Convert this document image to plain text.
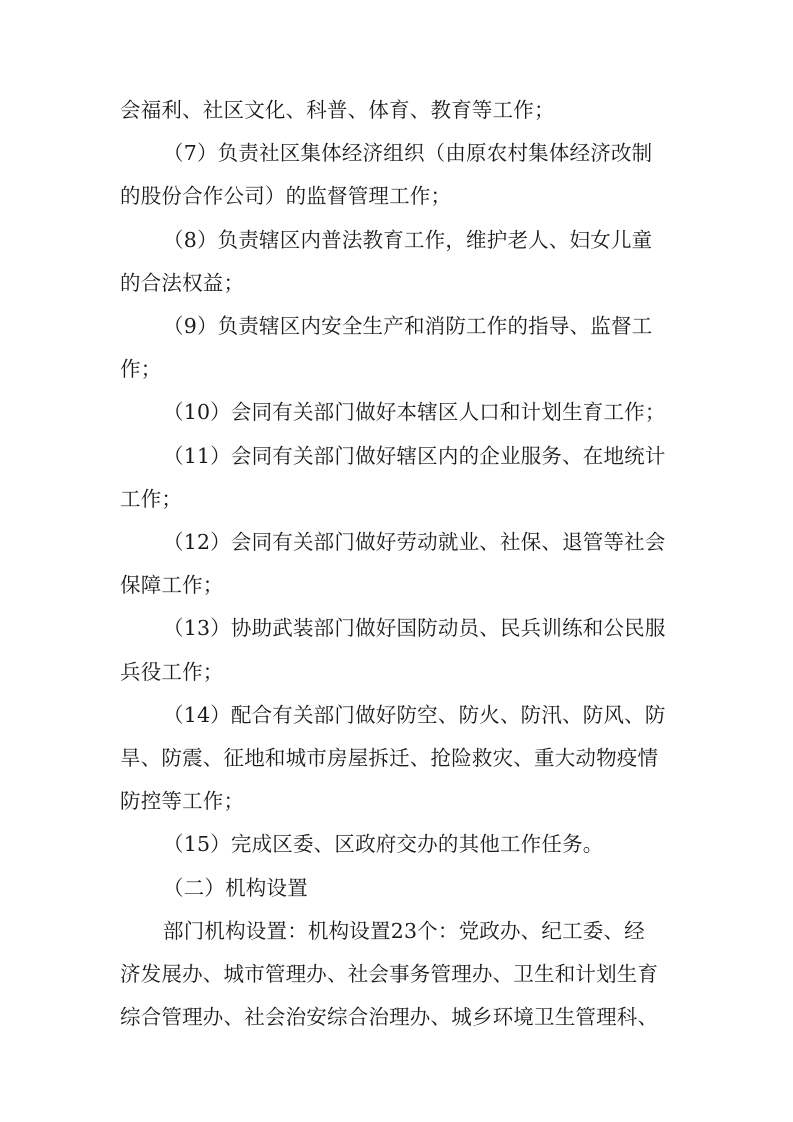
会福利、社区文化、科普、体育、教育等工作；
（7）负责社区集体经济组织（由原农村集体经济改制
的股份合作公司）的监督管理工作；
（8）负责辖区内普法教育工作，维护老人、妇女儿童
的合法权益；
（9）负责辖区内安全生产和消防工作的指导、监督工
作；
（10）会同有关部门做好本辖区人口和计划生育工作；
（11）会同有关部门做好辖区内的企业服务、在地统计
工作；
（12）会同有关部门做好劳动就业、社保、退管等社会
保障工作；
（13）协助武装部门做好国防动员、民兵训练和公民服
兵役工作；
（14）配合有关部门做好防空、防火、防汛、防风、防
旱、防震、征地和城市房屋拆迁、抢险救灾、重大动物疫情
防控等工作；
（15）完成区委、区政府交办的其他工作任务。
（二）机构设置
部门机构设置：机构设置23个：党政办、纪工委、经
济发展办、城市管理办、社会事务管理办、卫生和计划生育
综合管理办、社会治安综合治理办、城乡环境卫生管理科、
